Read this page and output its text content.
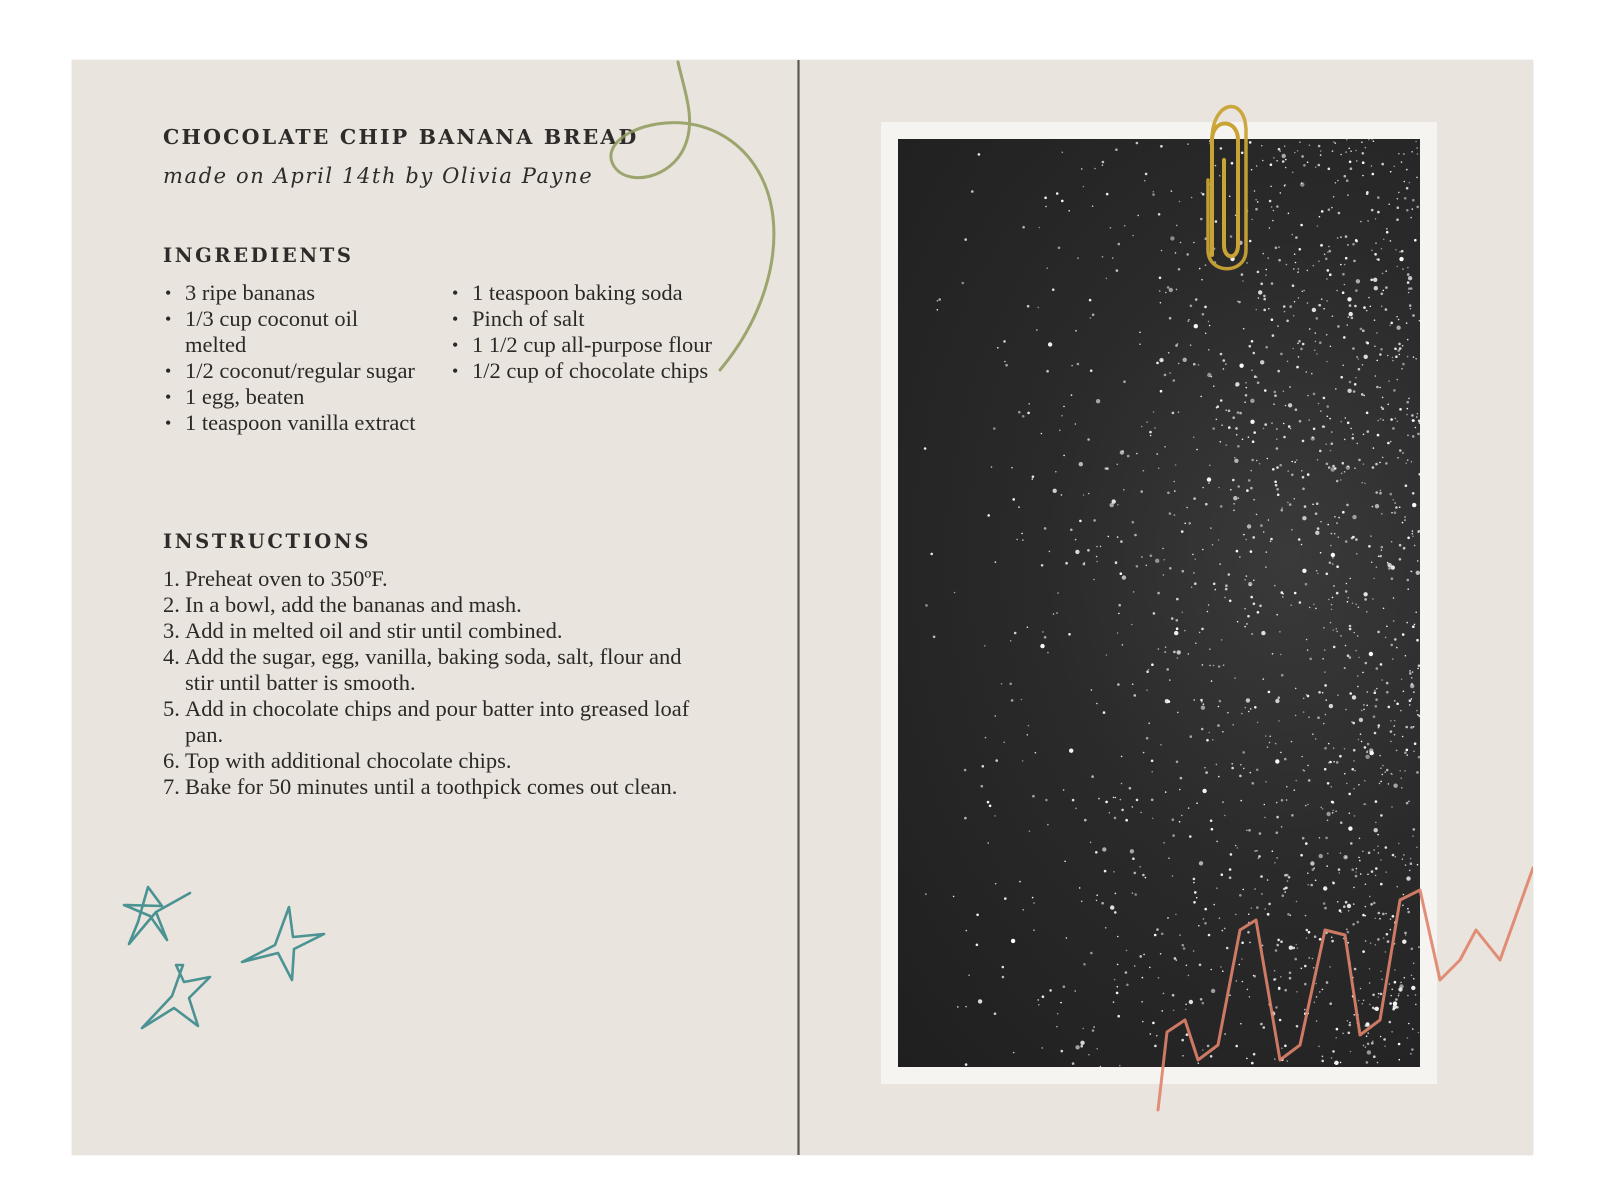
CHOCOLATE CHIP BANANA BREAD
made on April 14th by Olivia Payne
INGREDIENTS
• 3 ripe bananas
• 1/3 cup coconut oil melted
• 1/2 coconut/regular sugar
• 1 egg, beaten
• 1 teaspoon vanilla extract
• 1 teaspoon baking soda
• Pinch of salt
• 1 1/2 cup all-purpose flour
• 1/2 cup of chocolate chips
INSTRUCTIONS
1. Preheat oven to 350ºF.
2. In a bowl, add the bananas and mash.
3. Add in melted oil and stir until combined.
4. Add the sugar, egg, vanilla, baking soda, salt, flour and stir until batter is smooth.
5. Add in chocolate chips and pour batter into greased loaf pan.
6. Top with additional chocolate chips.
7. Bake for 50 minutes until a toothpick comes out clean.
